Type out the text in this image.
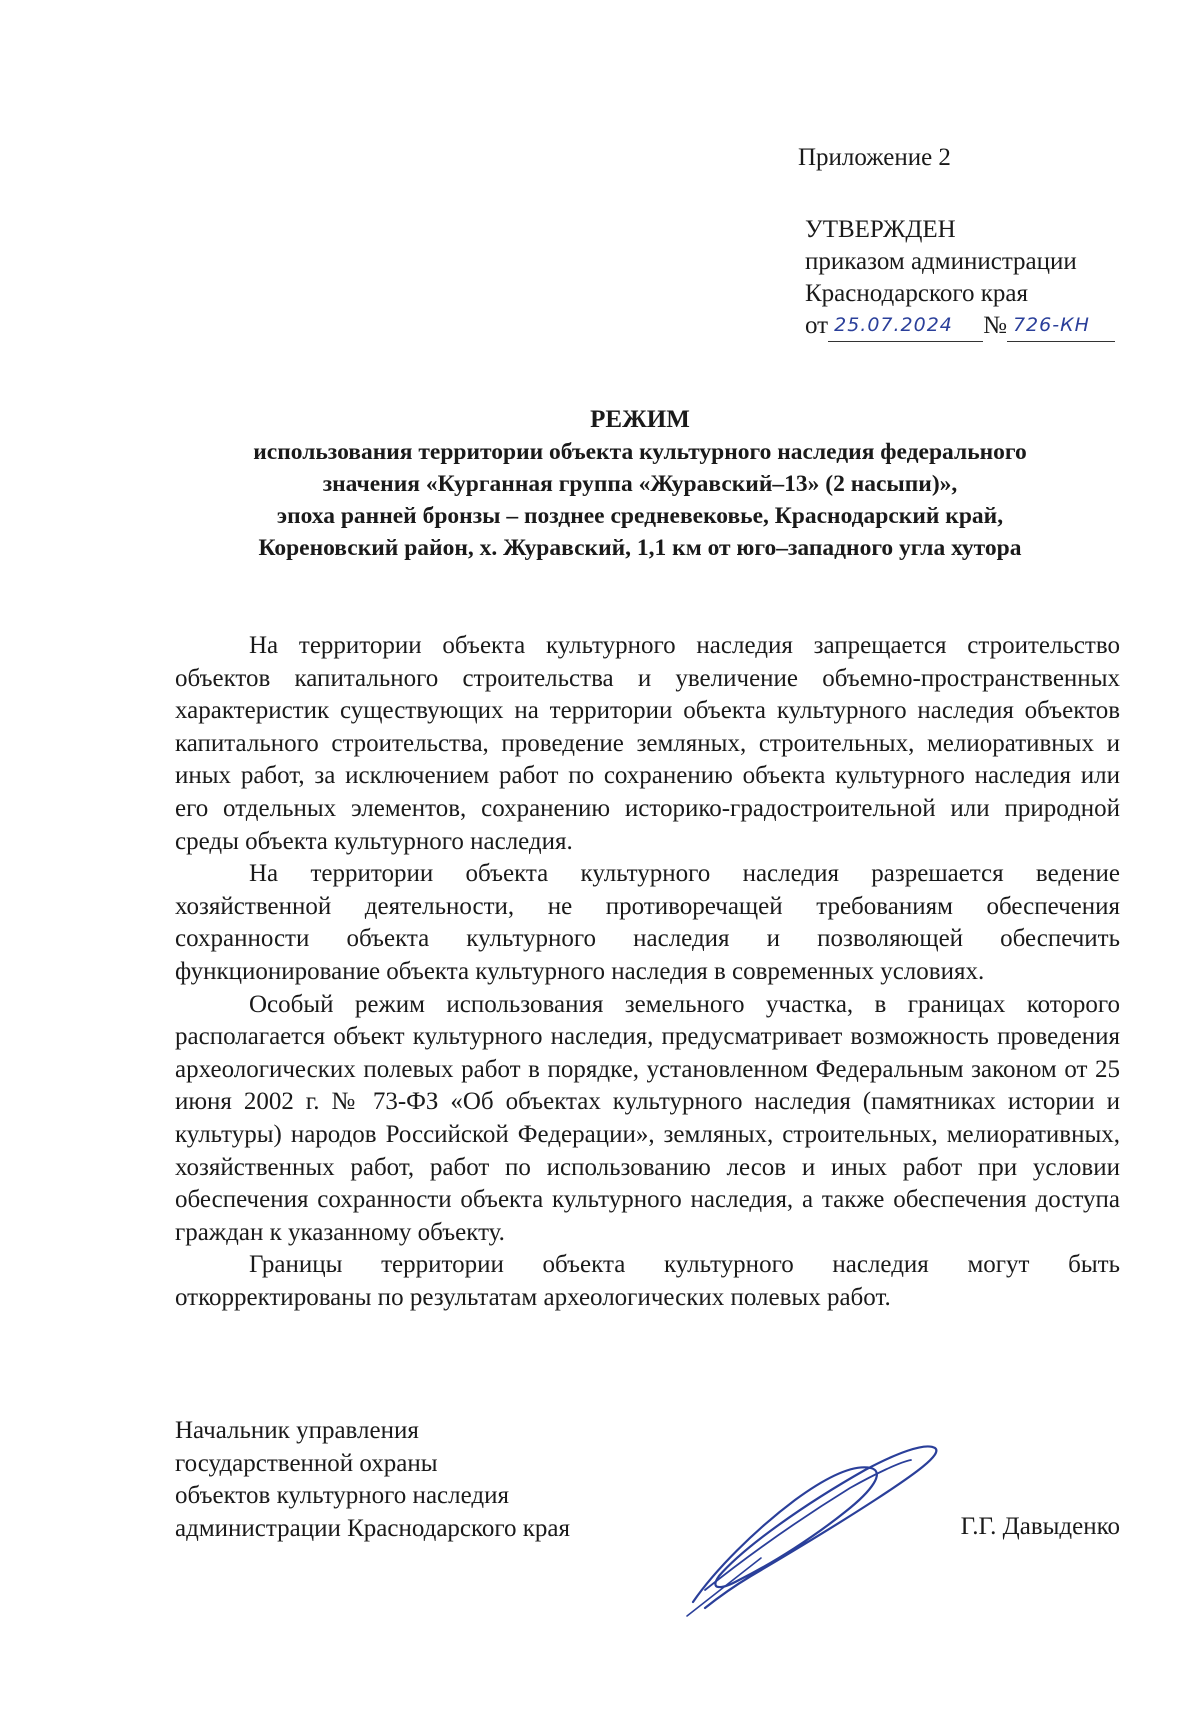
Приложение 2
УТВЕРЖДЕН
приказом администрации
Краснодарского края
от 25.07.2024 № 726-КН
РЕЖИМ
использования территории объекта культурного наследия федерального
значения «Курганная группа «Журавский–13» (2 насыпи)»,
эпоха ранней бронзы – позднее средневековье, Краснодарский край,
Кореновский район, х. Журавский, 1,1 км от юго–западного угла хутора

На территории объекта культурного наследия запрещается строительство объектов капитального строительства и увеличение объемно-пространственных характеристик существующих на территории объекта культурного наследия объектов капитального строительства, проведение земляных, строительных, мелиоративных и иных работ, за исключением работ по сохранению объекта культурного наследия или его отдельных элементов, сохранению историко-градостроительной или природной среды объекта культурного наследия.

На территории объекта культурного наследия разрешается ведение хозяйственной деятельности, не противоречащей требованиям обеспечения сохранности объекта культурного наследия и позволяющей обеспечить функционирование объекта культурного наследия в современных условиях.

Особый режим использования земельного участка, в границах которого располагается объект культурного наследия, предусматривает возможность проведения археологических полевых работ в порядке, установленном Федеральным законом от 25 июня 2002 г. № 73-ФЗ «Об объектах культурного наследия (памятниках истории и культуры) народов Российской Федерации», земляных, строительных, мелиоративных, хозяйственных работ, работ по использованию лесов и иных работ при условии обеспечения сохранности объекта культурного наследия, а также обеспечения доступа граждан к указанному объекту.

Границы территории объекта культурного наследия могут быть откорректированы по результатам археологических полевых работ.

Начальник управления
государственной охраны
объектов культурного наследия
администрации Краснодарского края	Г.Г. Давыденко
